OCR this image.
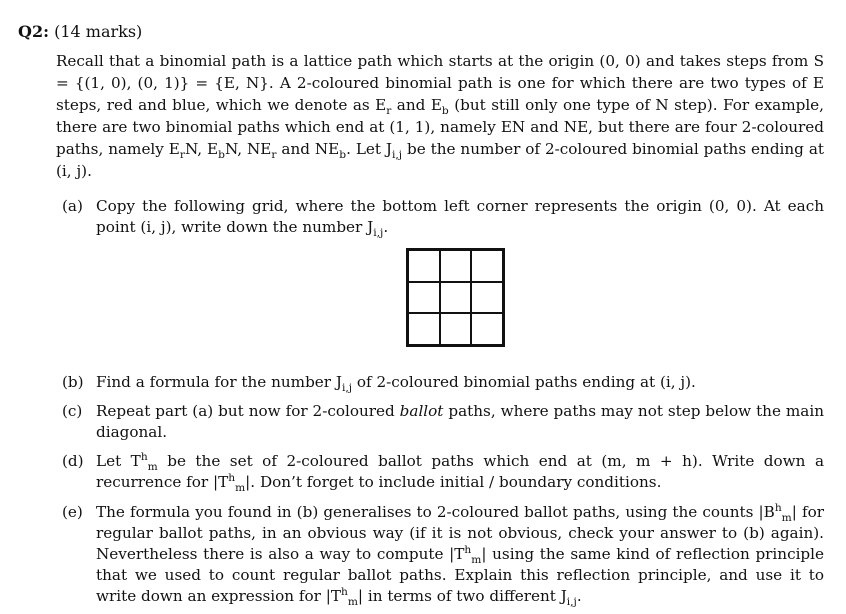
Q2: (14 marks)
Recall that a binomial path is a lattice path which starts at the origin (0, 0) and takes steps from S = {(1, 0), (0, 1)} = {E, N}. A 2-coloured binomial path is one for which there are two types of E steps, red and blue, which we denote as $E_r$ and $E_b$ (but still only one type of N step). For example, there are two binomial paths which end at (1, 1), namely EN and NE, but there are four 2-coloured paths, namely $E_rN$, $E_bN$, $NE_r$ and $NE_b$. Let $J_{i,j}$ be the number of 2-coloured binomial paths ending at (i, j).
(a) Copy the following grid, where the bottom left corner represents the origin (0, 0). At each point (i, j), write down the number $J_{i,j}$.
(b) Find a formula for the number $J_{i,j}$ of 2-coloured binomial paths ending at (i, j).
(c) Repeat part (a) but now for 2-coloured ballot paths, where paths may not step below the main diagonal.
(d) Let $T^h_m$ be the set of 2-coloured ballot paths which end at (m, m + h). Write down a recurrence for $|T^h_m|$. Don’t forget to include initial / boundary conditions.
(e) The formula you found in (b) generalises to 2-coloured ballot paths, using the counts $|B^h_m|$ for regular ballot paths, in an obvious way (if it is not obvious, check your answer to (b) again). Nevertheless there is also a way to compute $|T^h_m|$ using the same kind of reflection principle that we used to count regular ballot paths. Explain this reflection principle, and use it to write down an expression for $|T^h_m|$ in terms of two different $J_{i,j}$.
